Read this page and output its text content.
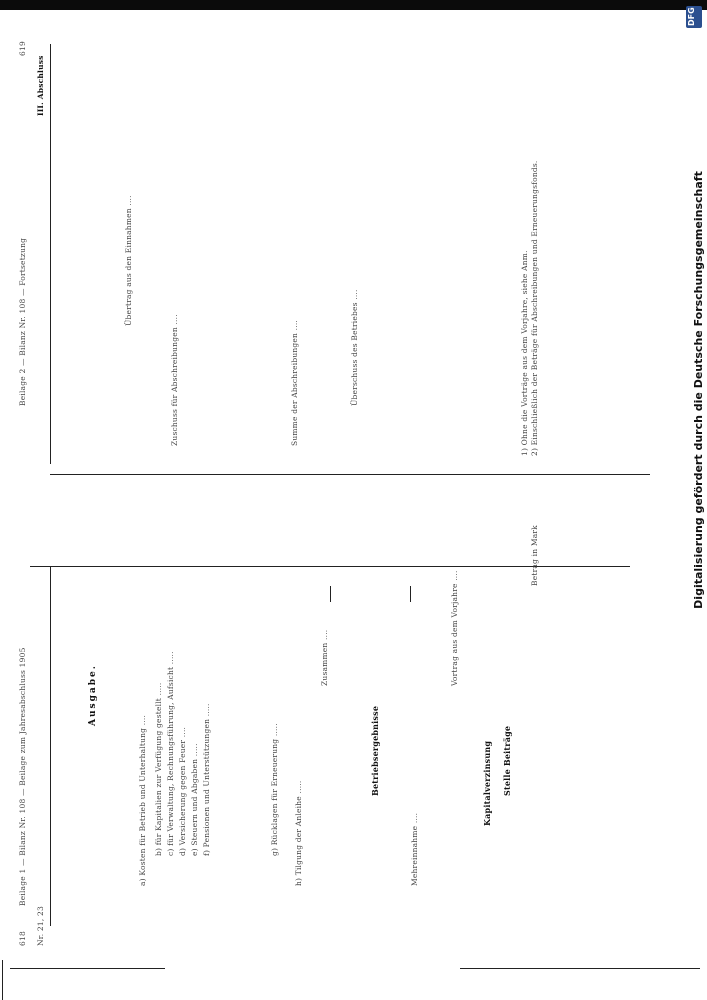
DFG
Digitalisierung gefördert durch die Deutsche Forschungsgemeinschaft
618
Beilage 1 — Bilanz Nr. 108 — Beilage zum Jahresabschluss 1905
Nr. 21, 23
Ausgabe.
Betriebsergebnisse	Kapitalverzinsung Stelle Beiträge
a) Kosten für Betrieb und Unterhaltung .... b) für Kapitalien zur Verfügung gestellt ..... c) für Verwaltung, Rechnungsführung, Aufsicht ..... d) Versicherung gegen Feuer .... e) Steuern und Abgaben ..... f) Pensionen und Unterstützungen .....	g) Rücklagen für Erneuerung ..... h) Tilgung der Anleihe .....
Zusammen ....
Mehreinnahme ....
Vortrag aus dem Vorjahre ....
Beilage 2 — Bilanz Nr. 108 — Fortsetzung
619
III. Abschluss
Übertrag aus den Einnahmen ....
Zuschuss für Abschreibungen ....	Summe der Abschreibungen ....	Überschuss des Betriebes ....	1) Ohne die Vorträge aus dem Vorjahre, siehe Anm. 2) Einschließlich der Beträge für Abschreibungen und Erneuerungsfonds.
Betrag in Mark
